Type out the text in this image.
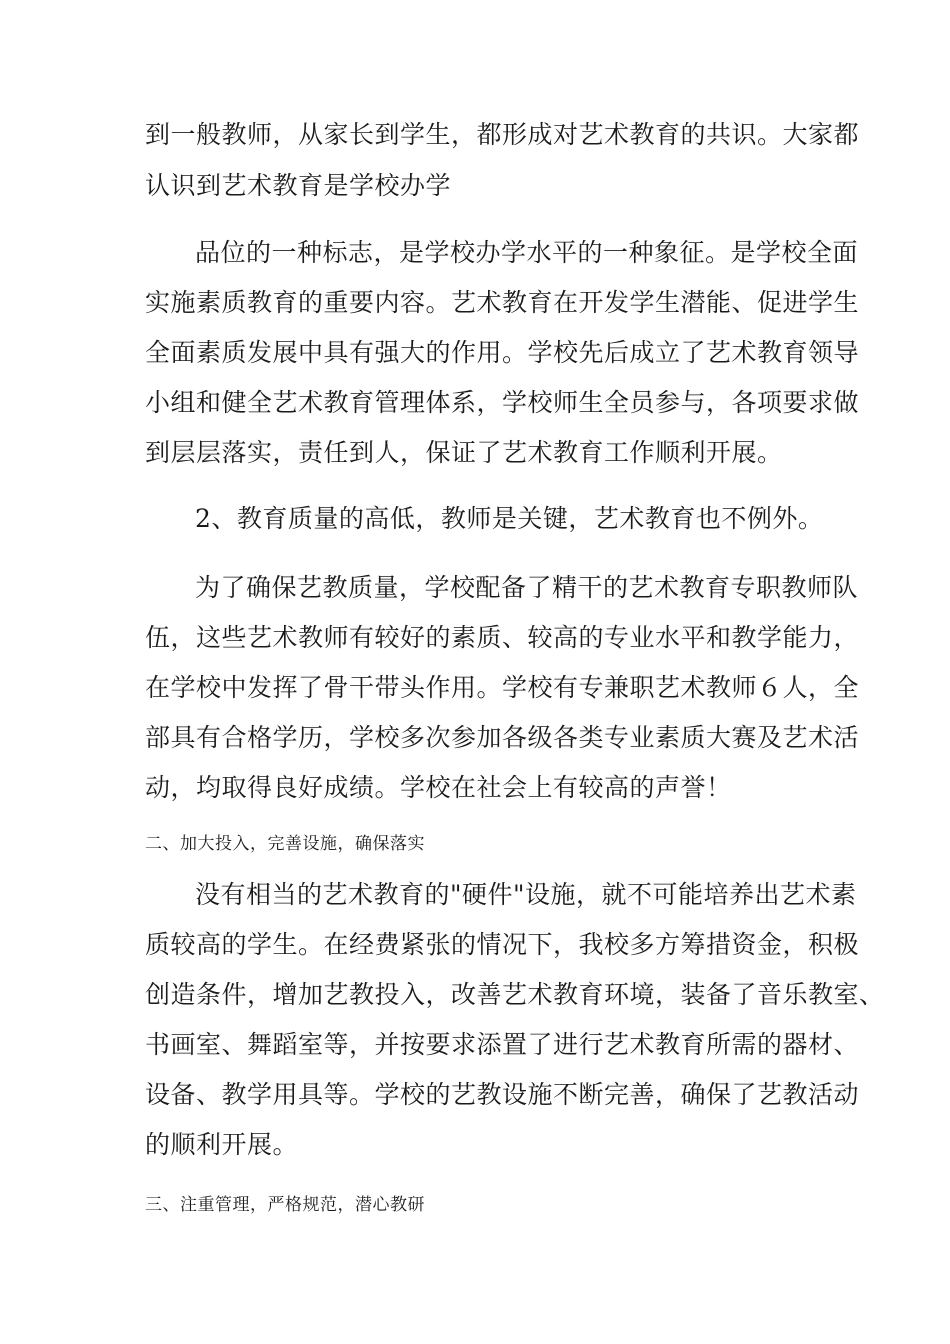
到一般教师，从家长到学生，都形成对艺术教育的共识。大家都
认识到艺术教育是学校办学
品位的一种标志，是学校办学水平的一种象征。是学校全面
实施素质教育的重要内容。艺术教育在开发学生潜能、促进学生
全面素质发展中具有强大的作用。学校先后成立了艺术教育领导
小组和健全艺术教育管理体系，学校师生全员参与，各项要求做
到层层落实，责任到人，保证了艺术教育工作顺利开展。
2、教育质量的高低，教师是关键，艺术教育也不例外。
为了确保艺教质量，学校配备了精干的艺术教育专职教师队
伍，这些艺术教师有较好的素质、较高的专业水平和教学能力，
在学校中发挥了骨干带头作用。学校有专兼职艺术教师６人，全
部具有合格学历，学校多次参加各级各类专业素质大赛及艺术活
动，均取得良好成绩。学校在社会上有较高的声誉！
二、加大投入，完善设施，确保落实
没有相当的艺术教育的"硬件"设施，就不可能培养出艺术素
质较高的学生。在经费紧张的情况下，我校多方筹措资金，积极
创造条件，增加艺教投入，改善艺术教育环境，装备了音乐教室、
书画室、舞蹈室等，并按要求添置了进行艺术教育所需的器材、
设备、教学用具等。学校的艺教设施不断完善，确保了艺教活动
的顺利开展。
三、注重管理，严格规范，潜心教研
